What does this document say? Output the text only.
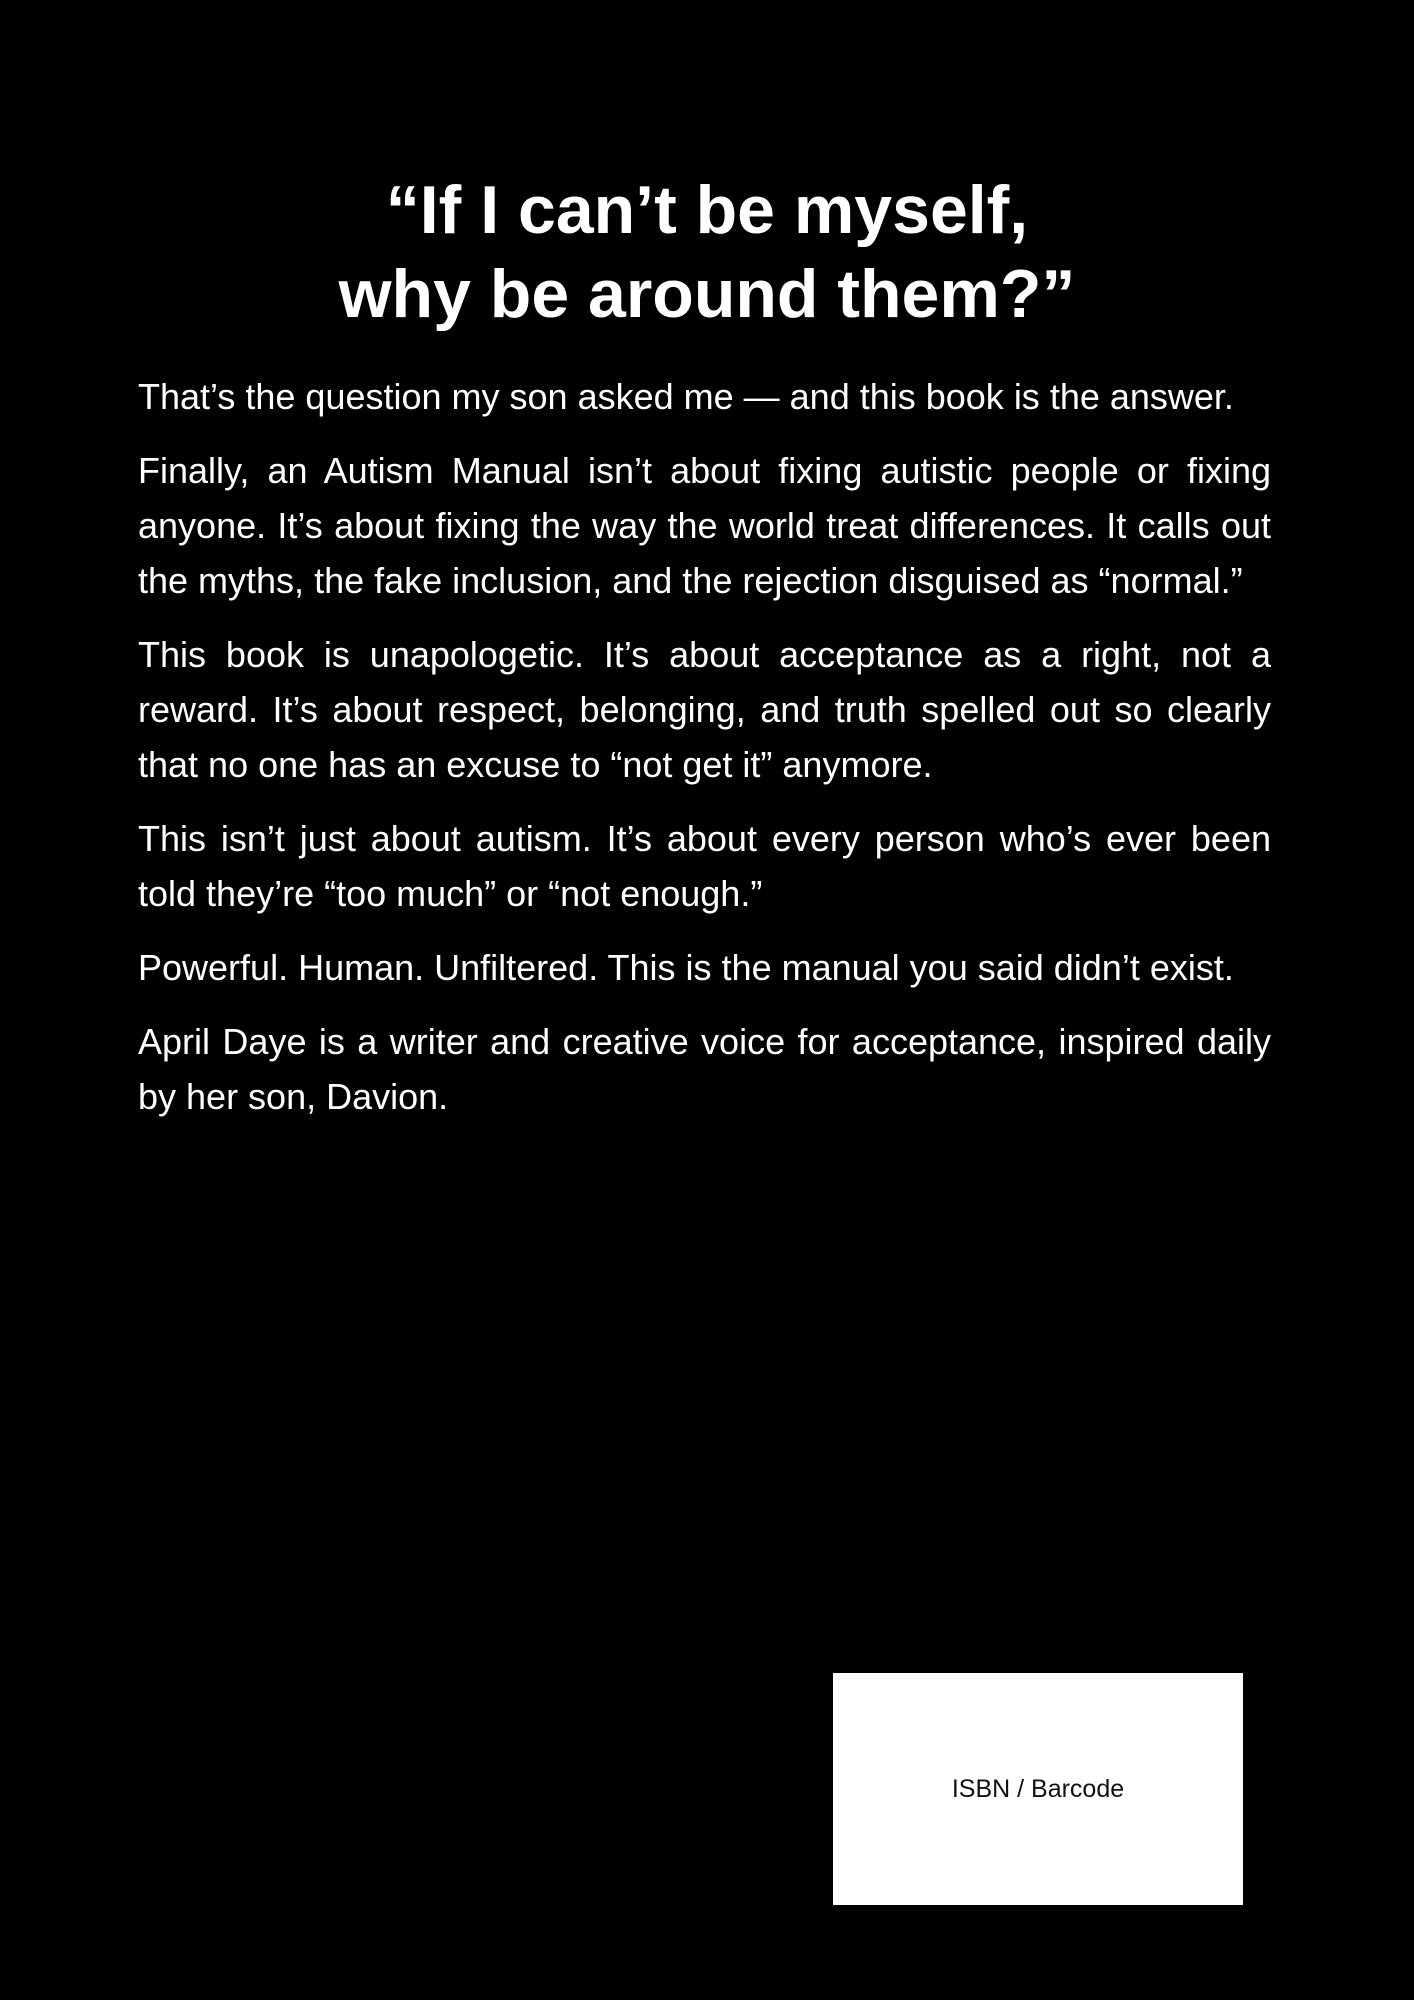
“If I can’t be myself,
why be around them?”

That’s the question my son asked me — and this book is the answer.

Finally, an Autism Manual isn’t about fixing autistic people or fixing anyone. It’s about fixing the way the world treat differences. It calls out the myths, the fake inclusion, and the rejection disguised as “normal.”

This book is unapologetic. It’s about acceptance as a right, not a reward. It’s about respect, belonging, and truth spelled out so clearly that no one has an excuse to “not get it” anymore.

This isn’t just about autism. It’s about every person who’s ever been told they’re “too much” or “not enough.”

Powerful. Human. Unfiltered. This is the manual you said didn’t exist.

April Daye is a writer and creative voice for acceptance, inspired daily by her son, Davion.

ISBN / Barcode
